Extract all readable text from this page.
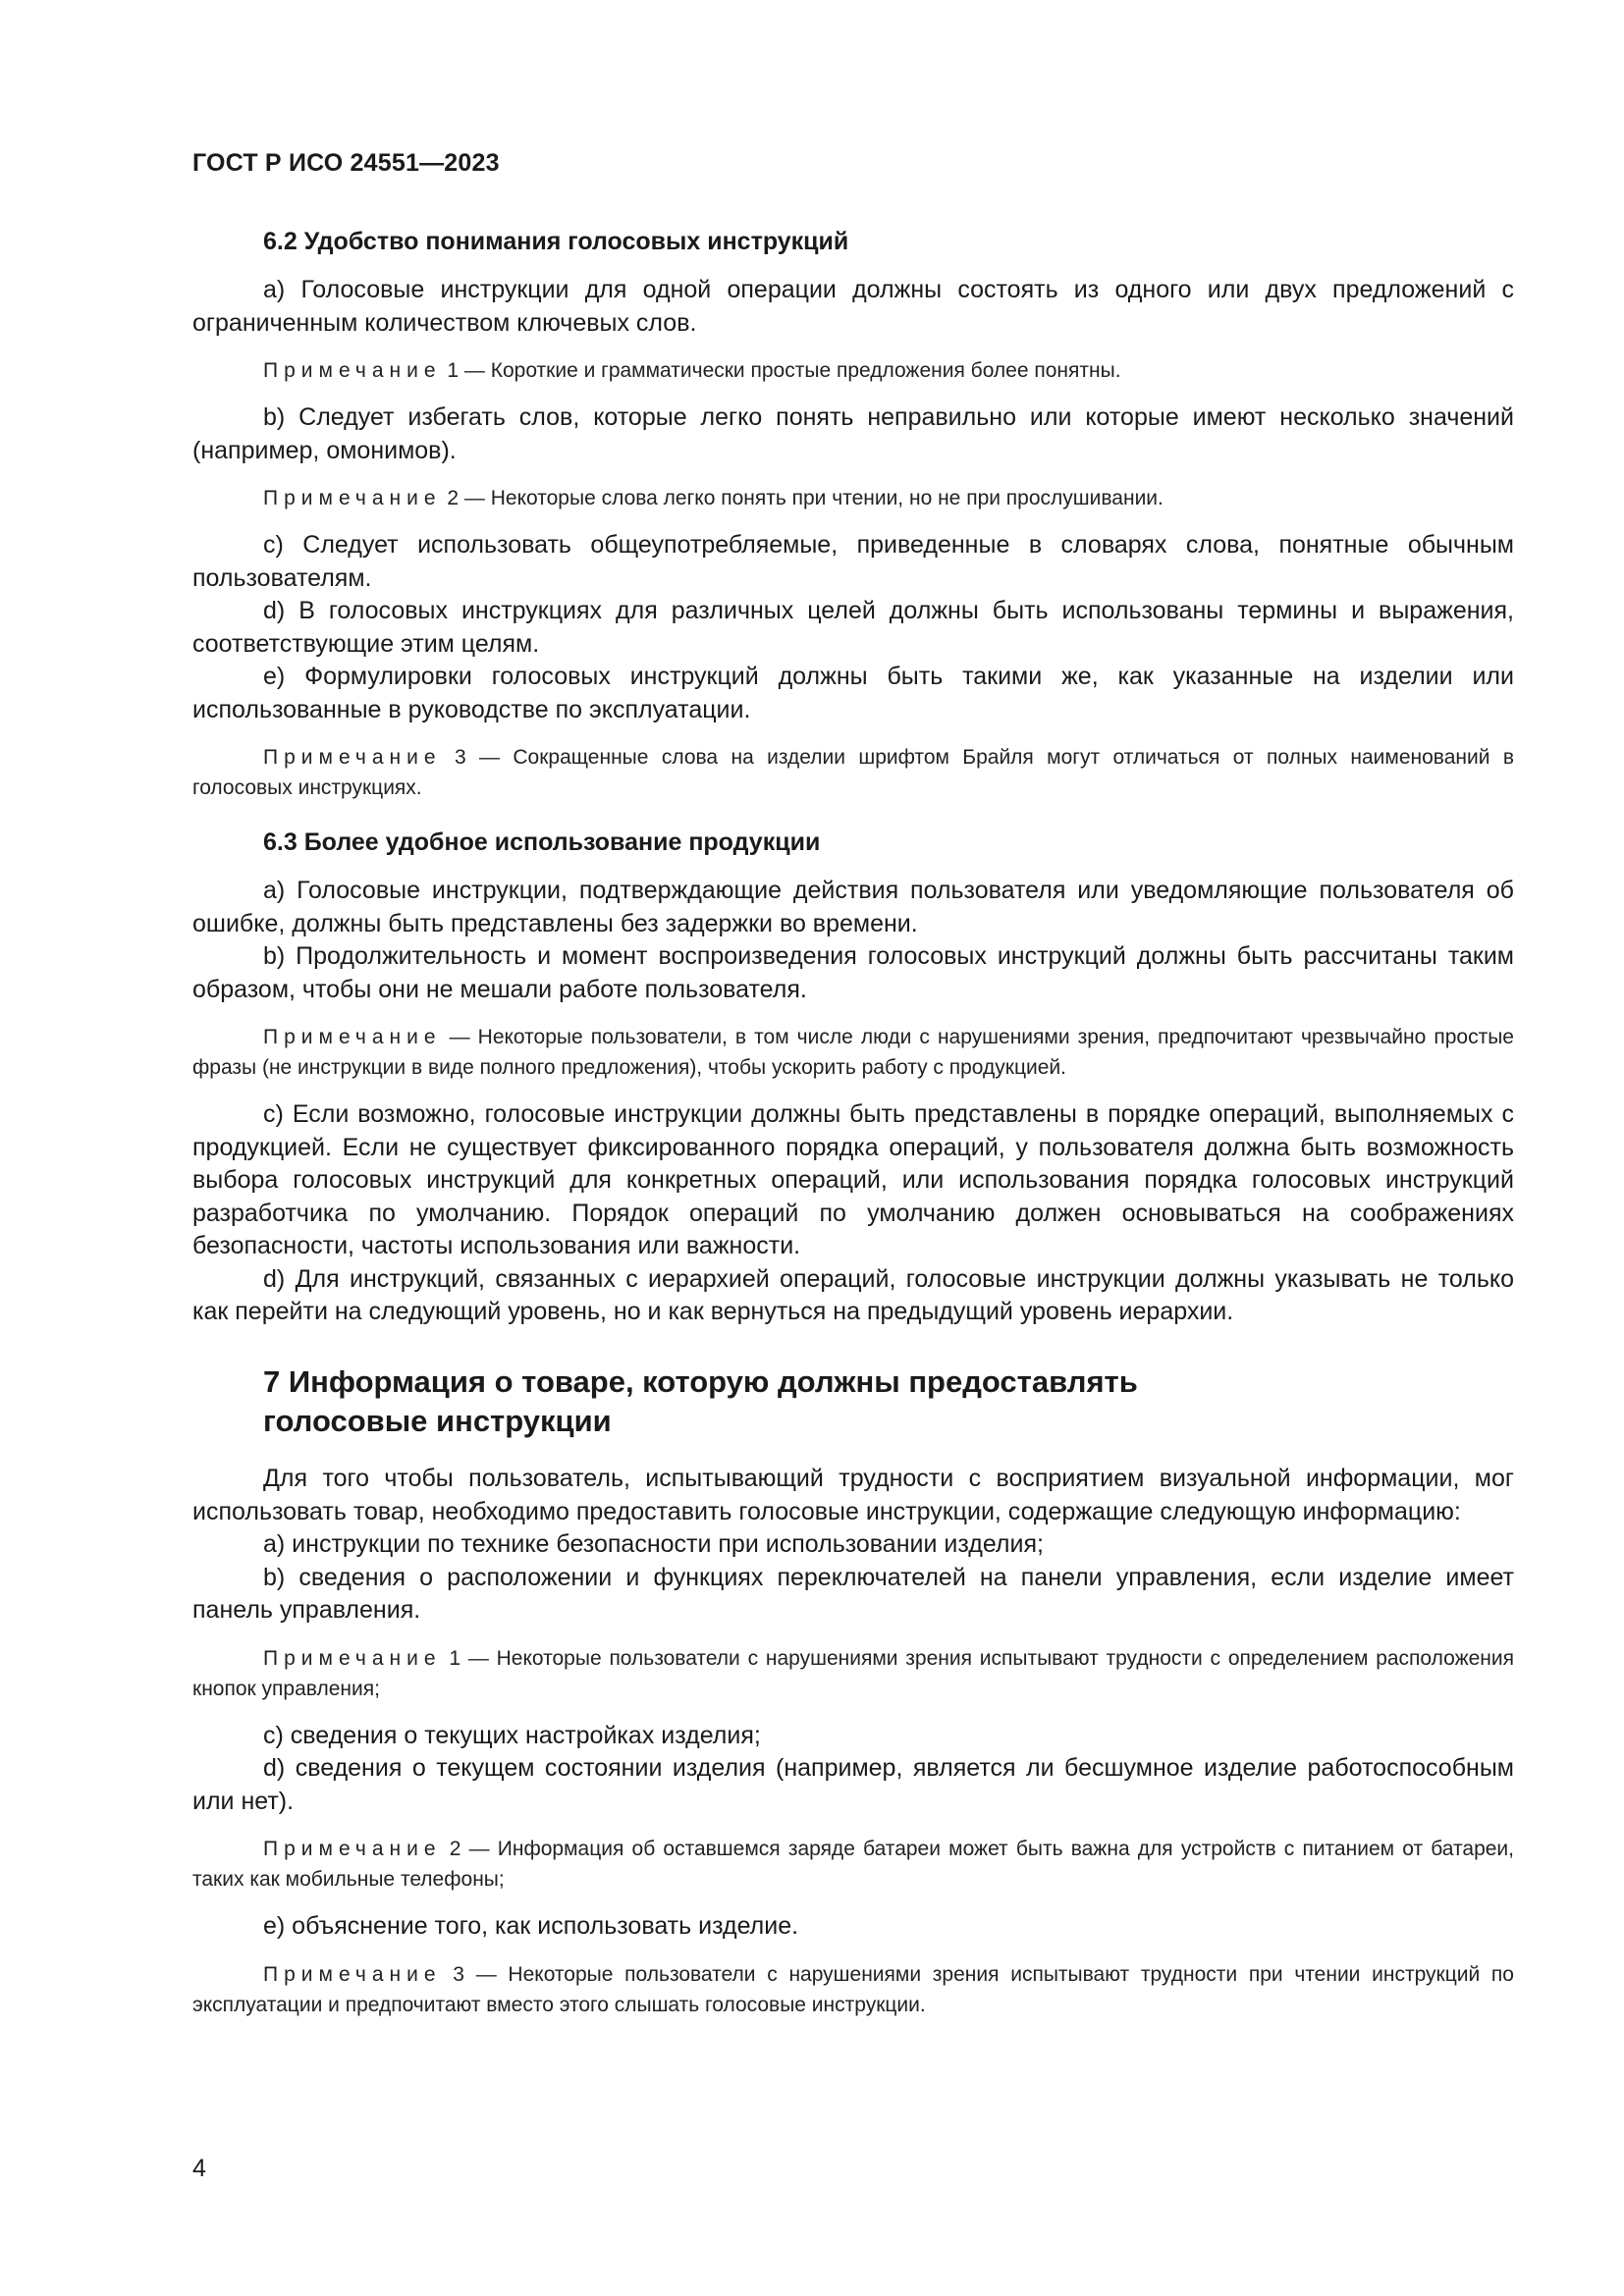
ГОСТ Р ИСО 24551—2023
6.2 Удобство понимания голосовых инструкций

a) Голосовые инструкции для одной операции должны состоять из одного или двух предложений с ограниченным количеством ключевых слов.

Примечание 1 — Короткие и грамматически простые предложения более понятны.

b) Следует избегать слов, которые легко понять неправильно или которые имеют несколько значений (например, омонимов).

Примечание 2 — Некоторые слова легко понять при чтении, но не при прослушивании.

c) Следует использовать общеупотребляемые, приведенные в словарях слова, понятные обычным пользователям.

d) В голосовых инструкциях для различных целей должны быть использованы термины и выражения, соответствующие этим целям.

e) Формулировки голосовых инструкций должны быть такими же, как указанные на изделии или использованные в руководстве по эксплуатации.

Примечание 3 — Сокращенные слова на изделии шрифтом Брайля могут отличаться от полных наименований в голосовых инструкциях.

6.3 Более удобное использование продукции

a) Голосовые инструкции, подтверждающие действия пользователя или уведомляющие пользователя об ошибке, должны быть представлены без задержки во времени.

b) Продолжительность и момент воспроизведения голосовых инструкций должны быть рассчитаны таким образом, чтобы они не мешали работе пользователя.

Примечание — Некоторые пользователи, в том числе люди с нарушениями зрения, предпочитают чрезвычайно простые фразы (не инструкции в виде полного предложения), чтобы ускорить работу с продукцией.

c) Если возможно, голосовые инструкции должны быть представлены в порядке операций, выполняемых с продукцией. Если не существует фиксированного порядка операций, у пользователя должна быть возможность выбора голосовых инструкций для конкретных операций, или использования порядка голосовых инструкций разработчика по умолчанию. Порядок операций по умолчанию должен основываться на соображениях безопасности, частоты использования или важности.

d) Для инструкций, связанных с иерархией операций, голосовые инструкции должны указывать не только как перейти на следующий уровень, но и как вернуться на предыдущий уровень иерархии.

7 Информация о товаре, которую должны предоставлять голосовые инструкции

Для того чтобы пользователь, испытывающий трудности с восприятием визуальной информации, мог использовать товар, необходимо предоставить голосовые инструкции, содержащие следующую информацию:

a) инструкции по технике безопасности при использовании изделия;

b) сведения о расположении и функциях переключателей на панели управления, если изделие имеет панель управления.

Примечание 1 — Некоторые пользователи с нарушениями зрения испытывают трудности с определением расположения кнопок управления;

c) сведения о текущих настройках изделия;

d) сведения о текущем состоянии изделия (например, является ли бесшумное изделие работоспособным или нет).

Примечание 2 — Информация об оставшемся заряде батареи может быть важна для устройств с питанием от батареи, таких как мобильные телефоны;

e) объяснение того, как использовать изделие.

Примечание 3 — Некоторые пользователи с нарушениями зрения испытывают трудности при чтении инструкций по эксплуатации и предпочитают вместо этого слышать голосовые инструкции.

4
